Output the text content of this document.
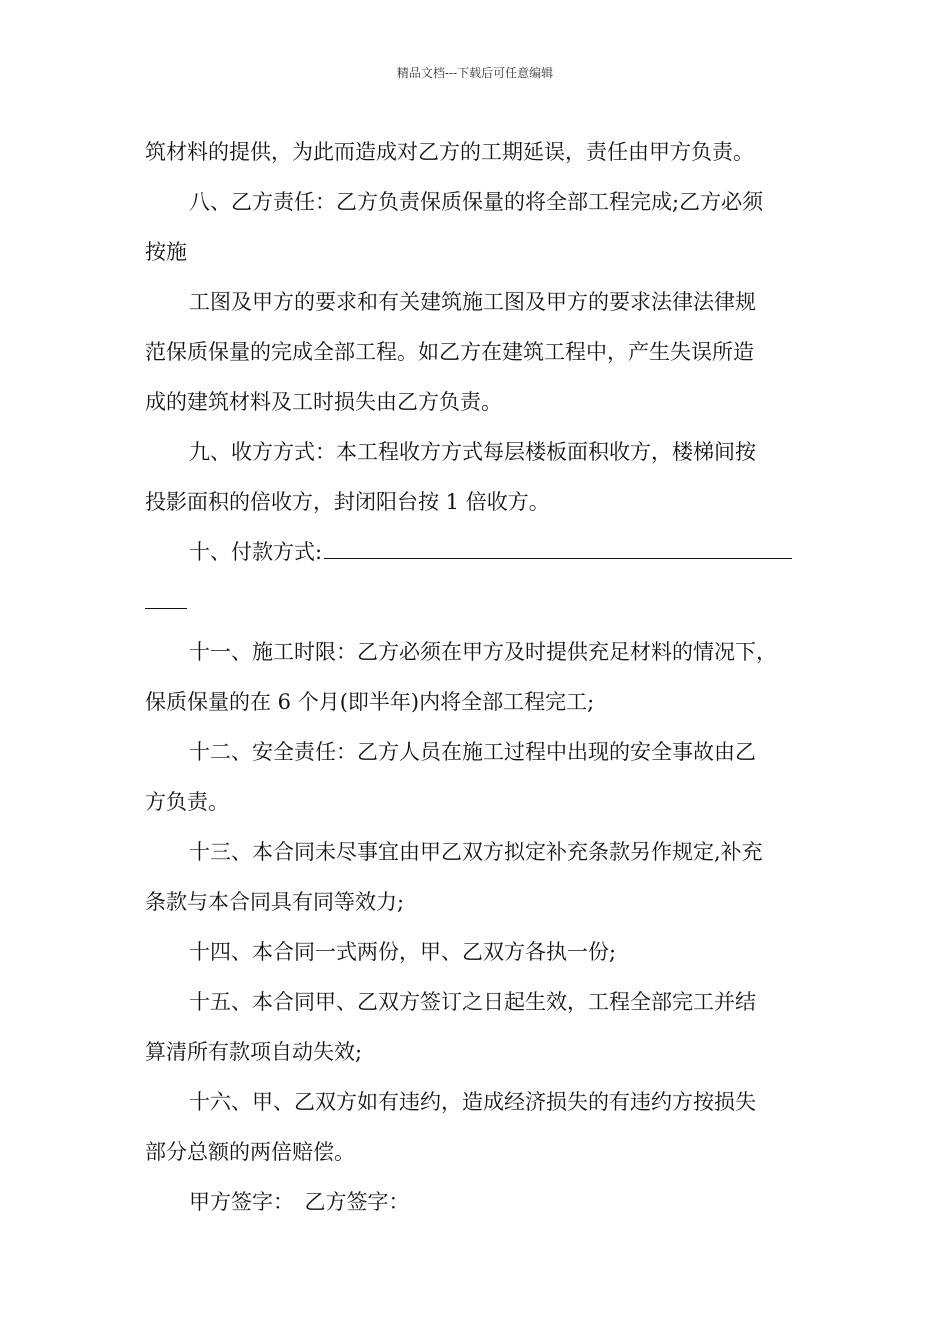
精品文档---下载后可任意编辑
筑材料的提供，为此而造成对乙方的工期延误，责任由甲方负责。
八、乙方责任：乙方负责保质保量的将全部工程完成;乙方必须
按施
工图及甲方的要求和有关建筑施工图及甲方的要求法律法律规
范保质保量的完成全部工程。如乙方在建筑工程中，产生失误所造
成的建筑材料及工时损失由乙方负责。
九、收方方式：本工程收方方式每层楼板面积收方，楼梯间按
投影面积的倍收方，封闭阳台按 1 倍收方。
十、付款方式:
十一、施工时限：乙方必须在甲方及时提供充足材料的情况下，
保质保量的在 6 个月(即半年)内将全部工程完工;
十二、安全责任：乙方人员在施工过程中出现的安全事故由乙
方负责。
十三、本合同未尽事宜由甲乙双方拟定补充条款另作规定,补充
条款与本合同具有同等效力;
十四、本合同一式两份，甲、乙双方各执一份;
十五、本合同甲、乙双方签订之日起生效，工程全部完工并结
算清所有款项自动失效;
十六、甲、乙双方如有违约，造成经济损失的有违约方按损失
部分总额的两倍赔偿。
甲方签字：　乙方签字：
